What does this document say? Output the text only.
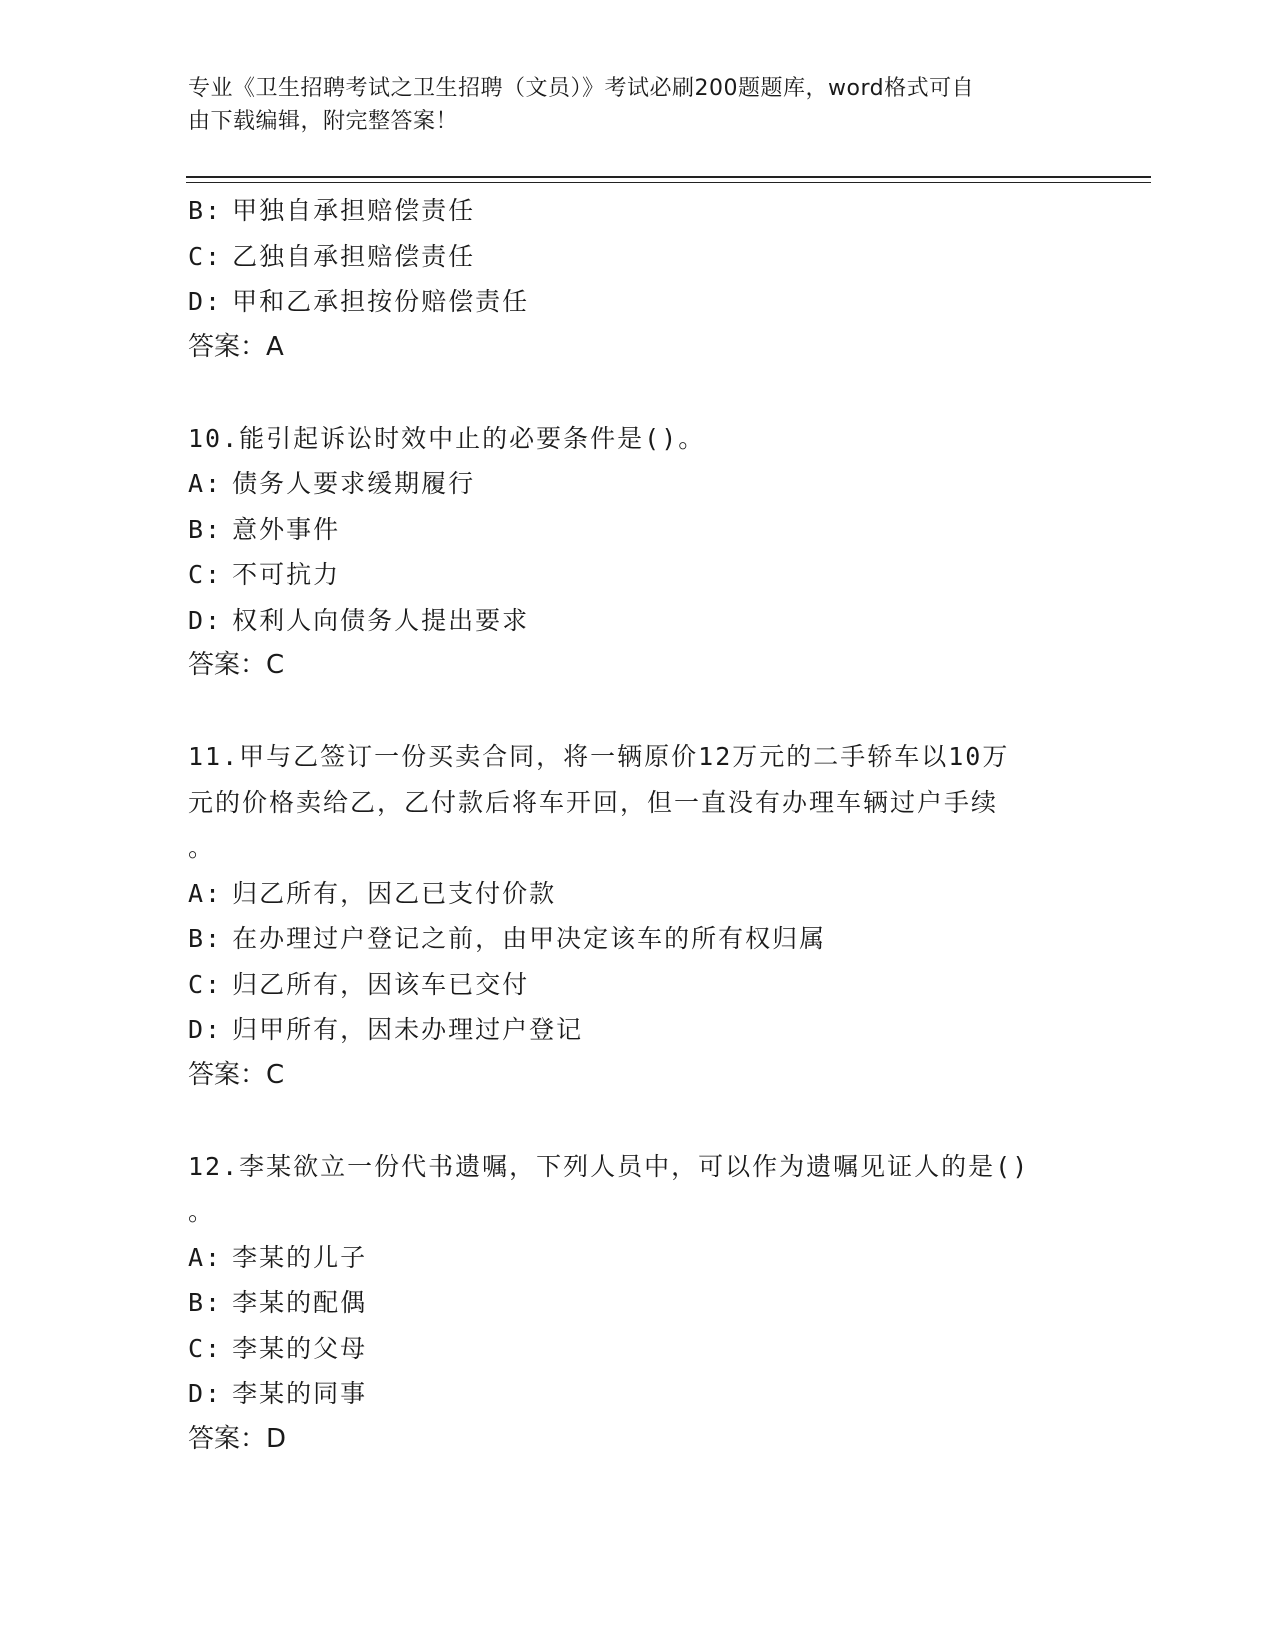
专业《卫生招聘考试之卫生招聘（文员）》考试必刷200题题库，word格式可自
由下载编辑，附完整答案！
B: 甲独自承担赔偿责任
C: 乙独自承担赔偿责任
D: 甲和乙承担按份赔偿责任
答案：A
10.能引起诉讼时效中止的必要条件是()。
A: 债务人要求缓期履行
B: 意外事件
C: 不可抗力
D: 权利人向债务人提出要求
答案：C
11.甲与乙签订一份买卖合同，将一辆原价12万元的二手轿车以10万
元的价格卖给乙，乙付款后将车开回，但一直没有办理车辆过户手续
。
A: 归乙所有，因乙已支付价款
B: 在办理过户登记之前，由甲决定该车的所有权归属
C: 归乙所有，因该车已交付
D: 归甲所有，因未办理过户登记
答案：C
12.李某欲立一份代书遗嘱，下列人员中，可以作为遗嘱见证人的是()
。
A: 李某的儿子
B: 李某的配偶
C: 李某的父母
D: 李某的同事
答案：D
